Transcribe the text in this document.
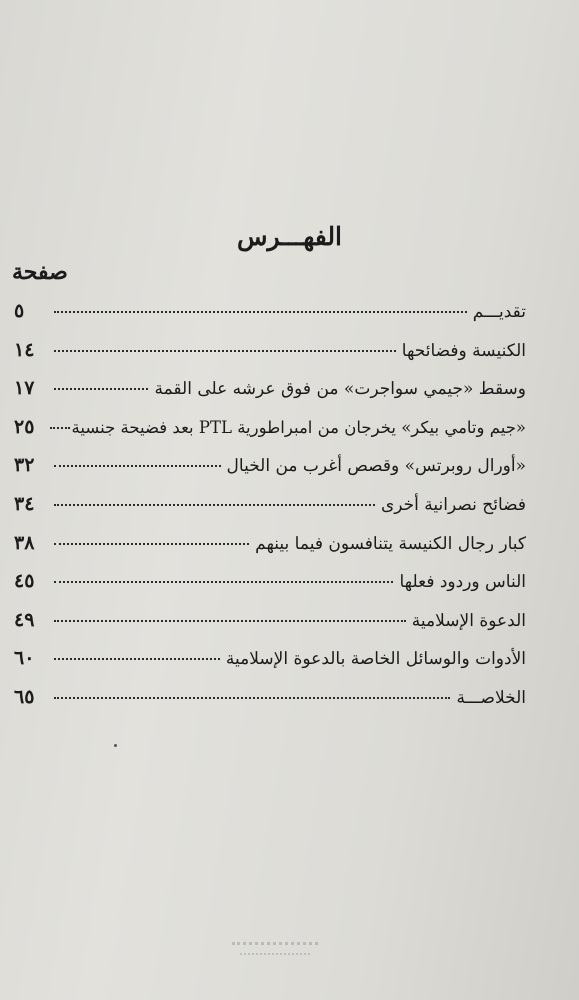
الفهـــرس
صفحة
تقديـــم
٥
الكنيسة وفضائحها
١٤
وسقط «جيمي سواجرت» من فوق عرشه على القمة
١٧
«جيم وتامي بيكر» يخرجان من امبراطورية PTL بعد فضيحة جنسية
٢٥
«أورال روبرتس» وقصص أغرب من الخيال
٣٢
فضائح نصرانية أخرى
٣٤
كبار رجال الكنيسة يتنافسون فيما بينهم
٣٨
الناس وردود فعلها
٤٥
الدعوة الإسلامية
٤٩
الأدوات والوسائل الخاصة بالدعوة الإسلامية
٦٠
الخلاصـــة
٦٥
